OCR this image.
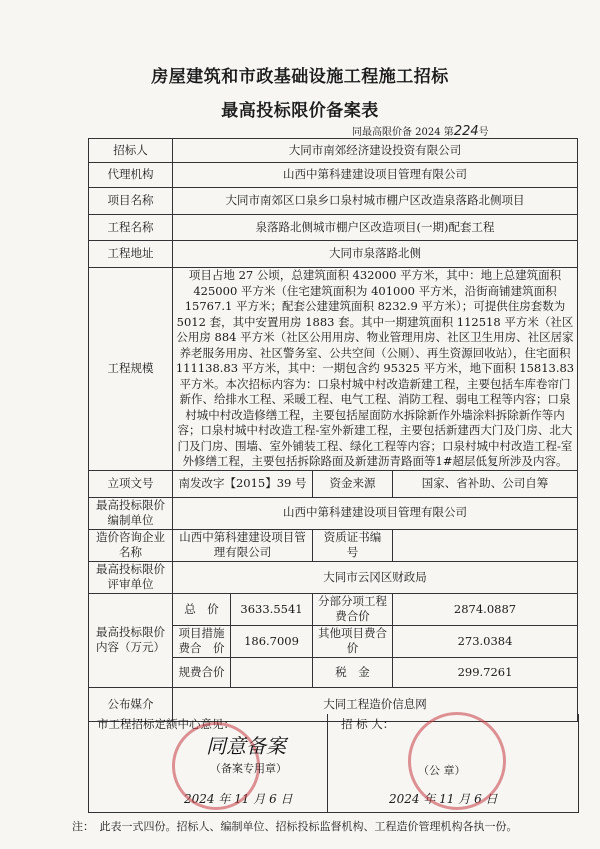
房屋建筑和市政基础设施工程施工招标
最高投标限价备案表
同最高限价备 2024 第224号
招标人	大同市南郊经济建设投资有限公司			
代理机构	山西中第科建建设项目管理有限公司			
项目名称	大同市南郊区口泉乡口泉村城市棚户区改造泉落路北侧项目			
工程名称	泉落路北侧城市棚户区改造项目(一期)配套工程			
工程地址	大同市泉落路北侧			
工程规模	项目占地 27 公顷，总建筑面积 432000 平方米，其中：地上总建筑面积 425000 平方米（住宅建筑面积为 401000 平方米，沿街商铺建筑面积 15767.1 平方米；配套公建建筑面积 8232.9 平方米）；可提供住房套数为 5012 套，其中安置用房 1883 套。其中一期建筑面积 112518 平方米（社区公用房 884 平方米（社区公用用房、物业管理用房、社区卫生用房、社区居家养老服务用房、社区警务室、公共空间（公厕）、再生资源回收站），住宅面积 111138.83 平方米，其中：一期包含约 95325 平方米，地下面积 15813.83 平方米。本次招标内容为：口泉村城中村改造新建工程，主要包括车库卷帘门新作、给排水工程、采暖工程、电气工程、消防工程、弱电工程等内容；口泉村城中村改造修缮工程，主要包括屋面防水拆除新作外墙涂料拆除新作等内容；口泉村城中村改造工程-室外新建工程，主要包括新建西大门及门房、北大门及门房、围墙、室外铺装工程、绿化工程等内容；口泉村城中村改造工程-室外修缮工程，主要包括拆除路面及新建沥青路面等1#超层低复所涉及内容。			
立项文号	南发改字【2015】39 号		资金来源	国家、省补助、公司自筹
最高投标限价编制单位	山西中第科建建设项目管理有限公司			
造价咨询企业名称	山西中第科建建设项目管理有限公司		资质证书编　　号	
最高投标限价评审单位	大同市云冈区财政局			
最高投标限价内容（万元）	总　价	3633.5541	分部分项工程费合价	2874.0887
	项目措施费合　价	186.7009	其他项目费合价	273.0384
	规费合价		税　金	299.7261
公布媒介	大同工程造价信息网			
市工程招标定额中心意见：	招 标 人：
2024 年 11 月 6 日	2024 年 11 月 6 日
同意备案
（备案专用章）	（公 章）
注：　此表一式四份。招标人、编制单位、招标投标监督机构、工程造价管理机构各执一份。
